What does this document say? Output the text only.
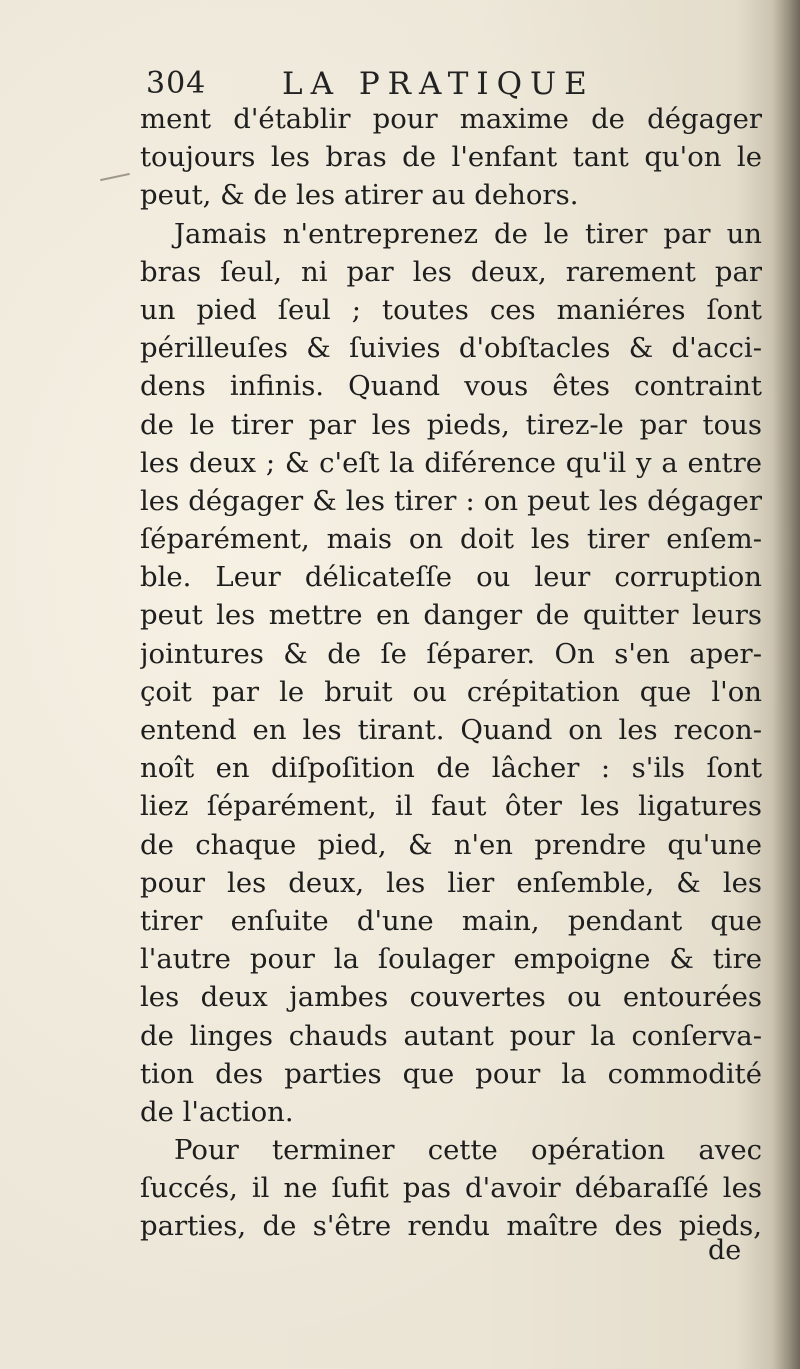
304 LA PRATIQUE
ment d'établir pour maxime de dégager
toujours les bras de l'enfant tant qu'on le
peut, & de les atirer au dehors.
Jamais n'entreprenez de le tirer par un
bras ſeul, ni par les deux, rarement par
un pied ſeul ; toutes ces maniéres ſont
périlleuſes & ſuivies d'obſtacles & d'acci-
dens infinis. Quand vous êtes contraint
de le tirer par les pieds, tirez-le par tous
les deux ; & c'eſt la diférence qu'il y a entre
les dégager & les tirer : on peut les dégager
ſéparément, mais on doit les tirer enſem-
ble. Leur délicateſſe ou leur corruption
peut les mettre en danger de quitter leurs
jointures & de ſe ſéparer. On s'en aper-
çoit par le bruit ou crépitation que l'on
entend en les tirant. Quand on les recon-
noît en diſpoſition de lâcher : s'ils ſont
liez ſéparément, il faut ôter les ligatures
de chaque pied, & n'en prendre qu'une
pour les deux, les lier enſemble, & les
tirer enſuite d'une main, pendant que
l'autre pour la ſoulager empoigne & tire
les deux jambes couvertes ou entourées
de linges chauds autant pour la conſerva-
tion des parties que pour la commodité
de l'action.
Pour terminer cette opération avec
ſuccés, il ne ſufit pas d'avoir débaraſſé les
parties, de s'être rendu maître des pieds,
de
